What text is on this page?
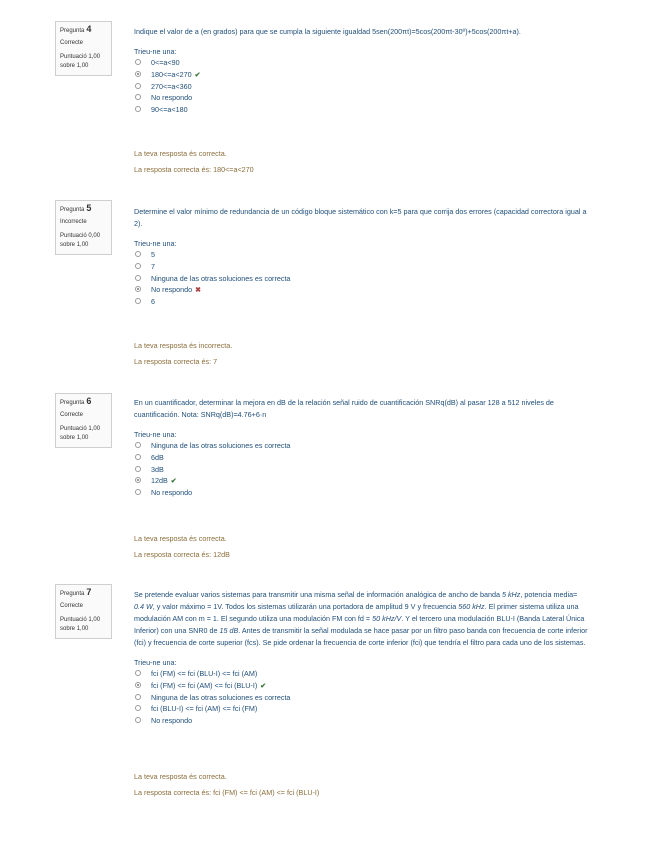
Pregunta 4
Correcte
Puntuació 1,00 sobre 1,00
Indique el valor de a (en grados) para que se cumpla la siguiente igualdad 5sen(200πt)=5cos(200πt-30º)+5cos(200πt+a).
Trieu-ne una:
0<=a<90
180<=a<270 ✔
270<=a<360
No respondo
90<=a<180
La teva resposta és correcta.
La resposta correcta és: 180<=a<270
Pregunta 5
Incorrecte
Puntuació 0,00 sobre 1,00
Determine el valor mínimo de redundancia de un código bloque sistemático con k=5 para que corrija dos errores (capacidad correctora igual a 2).
Trieu-ne una:
5
7
Ninguna de las otras soluciones es correcta
No respondo ✖
6
La teva resposta és incorrecta.
La resposta correcta és: 7
Pregunta 6
Correcte
Puntuació 1,00 sobre 1,00
En un cuantificador, determinar la mejora en dB de la relación señal ruido de cuantificación SNRq(dB) al pasar 128 a 512 niveles de cuantificación. Nota: SNRq(dB)=4.76+6·n
Trieu-ne una:
Ninguna de las otras soluciones es correcta
6dB
3dB
12dB ✔
No respondo
La teva resposta és correcta.
La resposta correcta és: 12dB
Pregunta 7
Correcte
Puntuació 1,00 sobre 1,00
Se pretende evaluar varios sistemas para transmitir una misma señal de información analógica de ancho de banda 5 kHz, potencia media= 0.4 W, y valor máximo = 1V. Todos los sistemas utilizarán una portadora de amplitud 9 V y frecuencia 560 kHz. El primer sistema utiliza una modulación AM con m = 1. El segundo utiliza una modulación FM con fd = 50 kHz/V. Y el tercero una modulación BLU-I (Banda Lateral Única Inferior) con una SNR0 de 15 dB. Antes de transmitir la señal modulada se hace pasar por un filtro paso banda con frecuencia de corte inferior (fci) y frecuencia de corte superior (fcs). Se pide ordenar la frecuencia de corte inferior (fci) que tendría el filtro para cada uno de los sistemas.
Trieu-ne una:
fci (FM) <= fci (BLU-I) <= fci (AM)
fci (FM) <= fci (AM) <= fci (BLU-I) ✔
Ninguna de las otras soluciones es correcta
fci (BLU-I) <= fci (AM) <= fci (FM)
No respondo
La teva resposta és correcta.
La resposta correcta és: fci (FM) <= fci (AM) <= fci (BLU-I)
